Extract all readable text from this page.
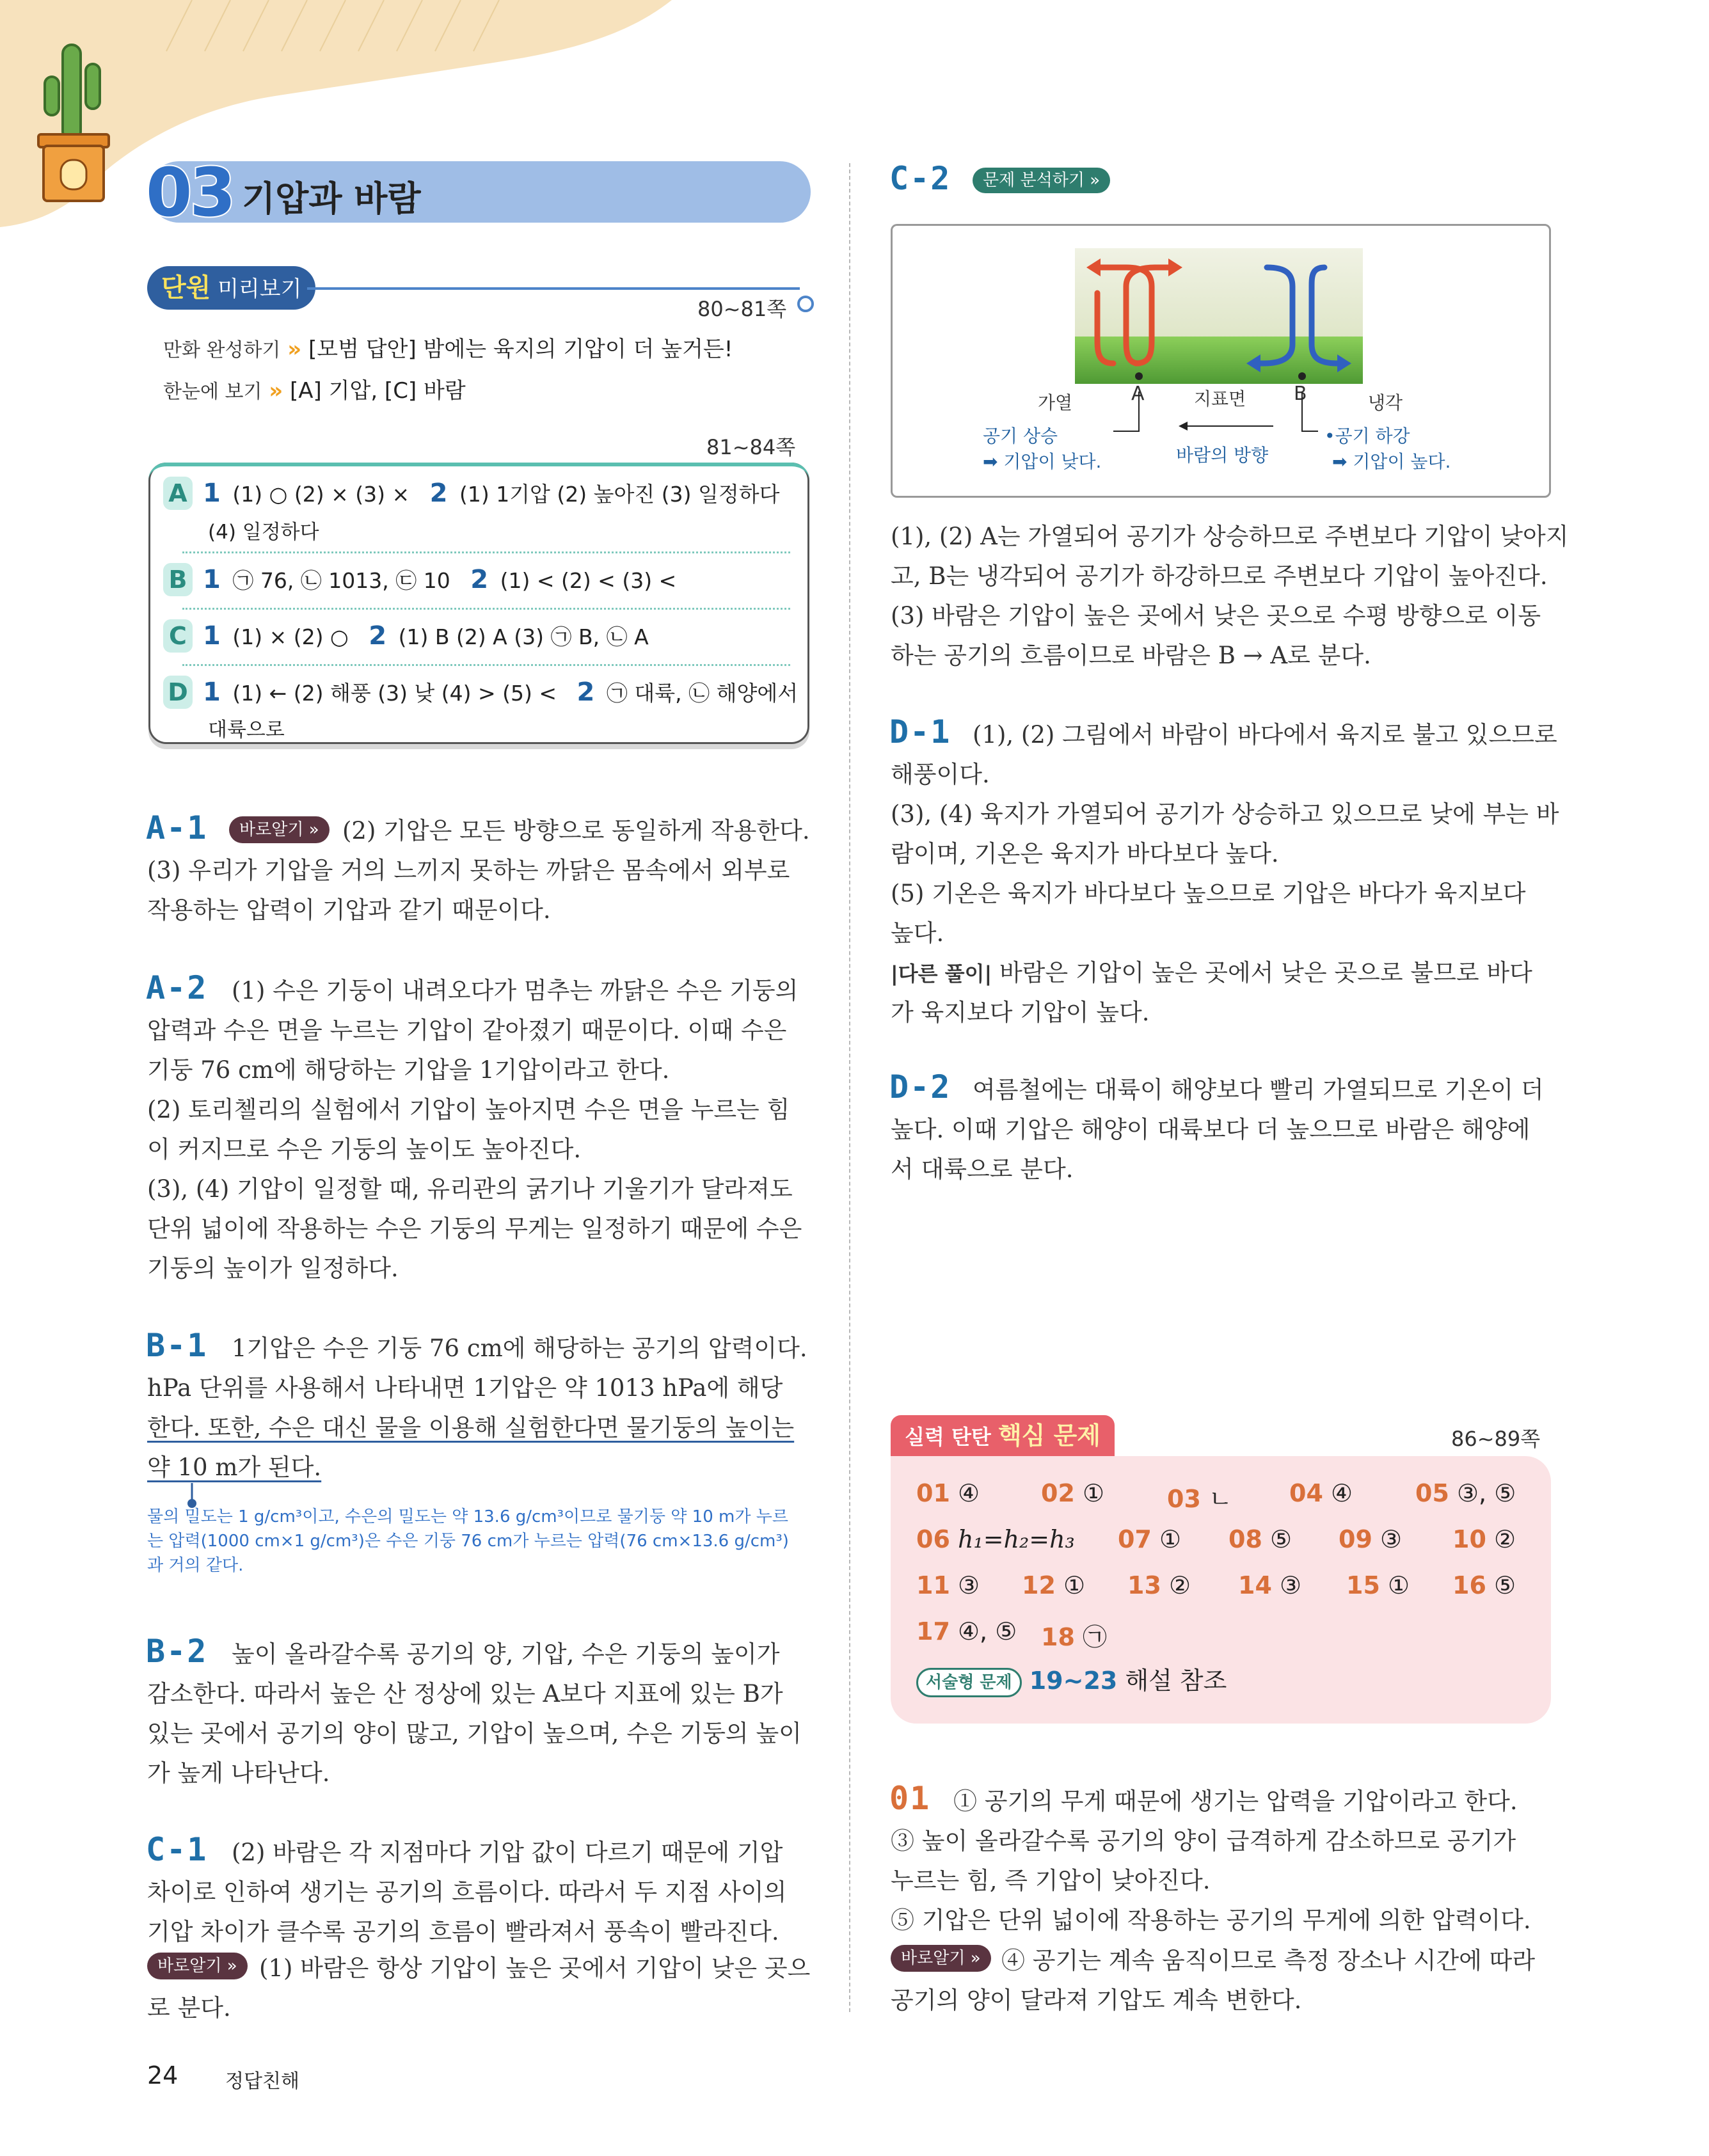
03 기압과 바람
단원 미리보기
80~81쪽
만화 완성하기 » [모범 답안] 밤에는 육지의 기압이 더 높거든!
한눈에 보기 » [A] 기압, [C] 바람
81~84쪽
A 1 (1) ○ (2) × (3) × 2 (1) 1기압 (2) 높아진 (3) 일정하다
(4) 일정하다
B 1 ㉠ 76, ㉡ 1013, ㉢ 10 2 (1) < (2) < (3) <
C 1 (1) × (2) ○ 2 (1) B (2) A (3) ㉠ B, ㉡ A
D 1 (1) ← (2) 해풍 (3) 낮 (4) > (5) < 2 ㉠ 대륙, ㉡ 해양에서
대륙으로
A-1	바로알기 » (2) 기압은 모든 방향으로 동일하게 작용한다.
(3) 우리가 기압을 거의 느끼지 못하는 까닭은 몸속에서 외부로
작용하는 압력이 기압과 같기 때문이다.
A-2 (1) 수은 기둥이 내려오다가 멈추는 까닭은 수은 기둥의
압력과 수은 면을 누르는 기압이 같아졌기 때문이다. 이때 수은
기둥 76 cm에 해당하는 기압을 1기압이라고 한다.
(2) 토리첼리의 실험에서 기압이 높아지면 수은 면을 누르는 힘
이 커지므로 수은 기둥의 높이도 높아진다.
(3), (4) 기압이 일정할 때, 유리관의 굵기나 기울기가 달라져도
단위 넓이에 작용하는 수은 기둥의 무게는 일정하기 때문에 수은
기둥의 높이가 일정하다.
B-1 1기압은 수은 기둥 76 cm에 해당하는 공기의 압력이다.
hPa 단위를 사용해서 나타내면 1기압은 약 1013 hPa에 해당
한다. 또한, 수은 대신 물을 이용해 실험한다면 물기둥의 높이는
약 10 m가 된다.
물의 밀도는 1 g/cm³이고, 수은의 밀도는 약 13.6 g/cm³이므로 물기둥 약 10 m가 누르
는 압력(1000 cm×1 g/cm³)은 수은 기둥 76 cm가 누르는 압력(76 cm×13.6 g/cm³)
과 거의 같다.
B-2 높이 올라갈수록 공기의 양, 기압, 수은 기둥의 높이가
감소한다. 따라서 높은 산 정상에 있는 A보다 지표에 있는 B가
있는 곳에서 공기의 양이 많고, 기압이 높으며, 수은 기둥의 높이
가 높게 나타난다.
C-1 (2) 바람은 각 지점마다 기압 값이 다르기 때문에 기압
차이로 인하여 생기는 공기의 흐름이다. 따라서 두 지점 사이의
기압 차이가 클수록 공기의 흐름이 빨라져서 풍속이 빨라진다.
바로알기 » (1) 바람은 항상 기압이 높은 곳에서 기압이 낮은 곳으
로 분다.
C-2	문제 분석하기 »
가열	A	지표면 B	냉각
공기 상승
➡ 기압이 낮다.	바람의 방향
•공기 하강
➡ 기압이 높다.
(1), (2) A는 가열되어 공기가 상승하므로 주변보다 기압이 낮아지
고, B는 냉각되어 공기가 하강하므로 주변보다 기압이 높아진다.
(3) 바람은 기압이 높은 곳에서 낮은 곳으로 수평 방향으로 이동
하는 공기의 흐름이므로 바람은 B → A로 분다.
D-1 (1), (2) 그림에서 바람이 바다에서 육지로 불고 있으므로
해풍이다.
(3), (4) 육지가 가열되어 공기가 상승하고 있으므로 낮에 부는 바
람이며, 기온은 육지가 바다보다 높다.
(5) 기온은 육지가 바다보다 높으므로 기압은 바다가 육지보다
높다.
|다른 풀이| 바람은 기압이 높은 곳에서 낮은 곳으로 불므로 바다
가 육지보다 기압이 높다.
D-2 여름철에는 대륙이 해양보다 빨리 가열되므로 기온이 더
높다. 이때 기압은 해양이 대륙보다 더 높으므로 바람은 해양에
서 대륙으로 분다.
실력 탄탄 핵심 문제	86~89쪽
01 ④	02 ①	03 ㄴ 04 ④	05 ③, ⑤
06 h₁=h₂=h₃ 07 ① 08 ⑤ 09 ③ 10 ②
11 ③ 12 ① 13 ② 14 ③ 15 ① 16 ⑤
17 ④, ⑤ 18 ㉠
서술형 문제 19~23 해설 참조
01 ① 공기의 무게 때문에 생기는 압력을 기압이라고 한다.
③ 높이 올라갈수록 공기의 양이 급격하게 감소하므로 공기가
누르는 힘, 즉 기압이 낮아진다.
⑤ 기압은 단위 넓이에 작용하는 공기의 무게에 의한 압력이다.
바로알기 » ④ 공기는 계속 움직이므로 측정 장소나 시간에 따라
공기의 양이 달라져 기압도 계속 변한다.
24 정답친해
